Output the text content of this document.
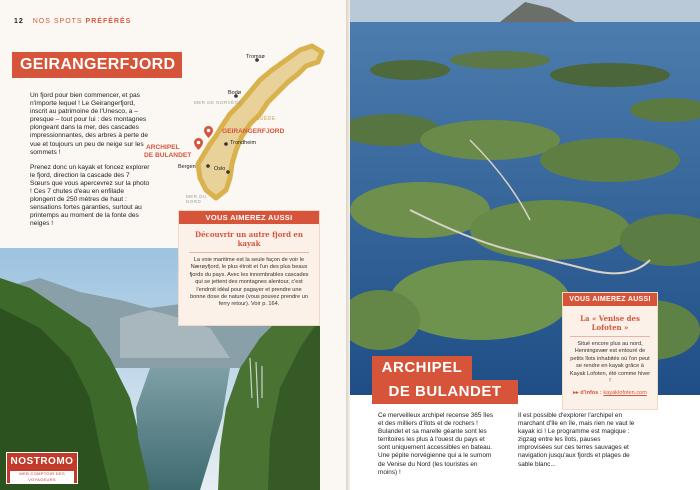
12 NOS SPOTS PRÉFÉRÉS
GEIRANGERFJORD

Un fjord pour bien commencer, et pas n'importe lequel ! Le Geirangerfjord, inscrit au patrimoine de l'Unesco, a – presque – tout pour lui : des montagnes plongeant dans la mer, des cascades impressionnantes, des arbres à perte de vue et toujours un peu de neige sur les sommets !

Prenez donc un kayak et foncez explorer le fjord, direction la cascade des 7 Sœurs que vous apercevrez sur la photo ! Ces 7 chutes d'eau en enfilade plongent de 250 mètres de haut : sensations fortes garanties, surtout au printemps au moment de la fonte des neiges !

Tromsø
Bodø
MER DE NORVÈGE
SUÈDE
GEIRANGERFJORD
ARCHIPEL
DE BULANDET
Trondheim
Bergen	Oslo
MER DU
NORD
VOUS AIMEREZ AUSSI
Découvrir un autre fjord en kayak
La voie maritime est la seule façon de voir le Nærøyfjord, le plus étroit et l'un des plus beaux fjords du pays. Avec les innombrables cascades qui se jettent des montagnes alentour, c'est l'endroit idéal pour pagayer et prendre une bonne dose de nature (vous pouvez prendre un ferry retour). Voir p. 164.
NOSTROMO
WEB COMPTOIR DES VOYAGEURS
ARCHIPEL
DE BULANDET
VOUS AIMEREZ AUSSI
La « Venise des Lofoten »
Situé encore plus au nord, Henningsvær est entouré de petits îlots inhabités où l'on peut se rendre en kayak grâce à Kayak Lofoten, été comme hiver !
▸▸ d'infos : kayaklofoten.com
Ce merveilleux archipel recense 365 îles et des milliers d'îlots et de rochers ! Bulandet et sa marelle géante sont les territoires les plus à l'ouest du pays et sont uniquement accessibles en bateau. Une pépite norvégienne qui a le surnom de Venise du Nord (les touristes en moins) !
Il est possible d'explorer l'archipel en marchant d'île en île, mais rien ne vaut le kayak ici ! Le programme est magique : zigzag entre les îlots, pauses improvisées sur ces terres sauvages et navigation jusqu'aux fjords et plages de sable blanc...
